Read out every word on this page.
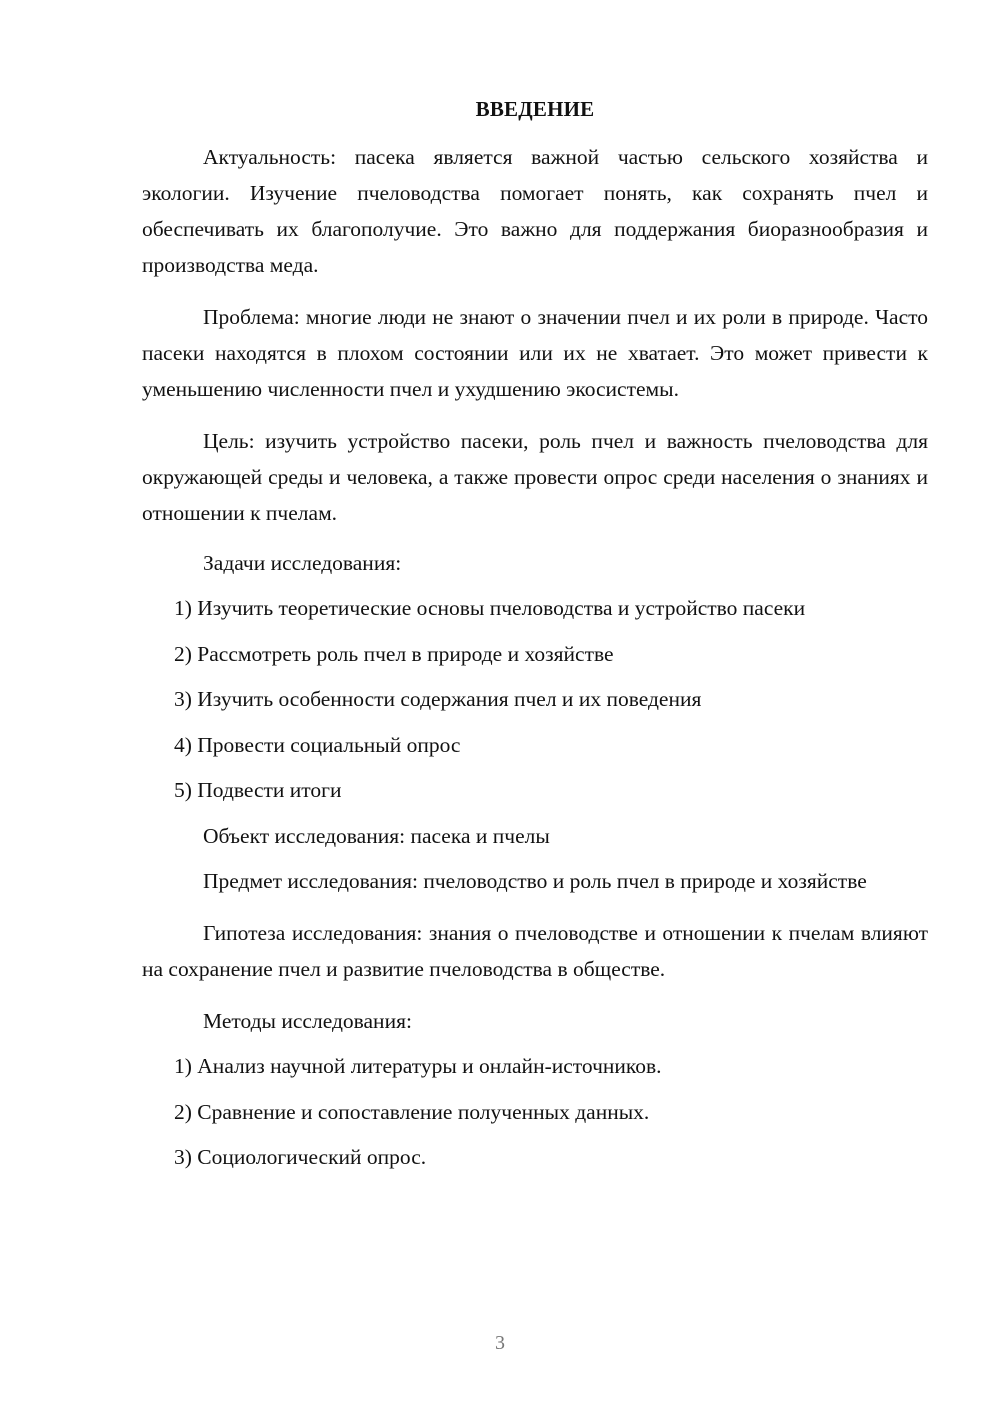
ВВЕДЕНИЕ

Актуальность: пасека является важной частью сельского хозяйства и экологии. Изучение пчеловодства помогает понять, как сохранять пчел и обеспечивать их благополучие. Это важно для поддержания биоразнообразия и производства меда.

Проблема: многие люди не знают о значении пчел и их роли в природе. Часто пасеки находятся в плохом состоянии или их не хватает. Это может привести к уменьшению численности пчел и ухудшению экосистемы.

Цель: изучить устройство пасеки, роль пчел и важность пчеловодства для окружающей среды и человека, а также провести опрос среди населения о знаниях и отношении к пчелам.

Задачи исследования:
1) Изучить теоретические основы пчеловодства и устройство пасеки
2) Рассмотреть роль пчел в природе и хозяйстве
3) Изучить особенности содержания пчел и их поведения
4) Провести социальный опрос
5) Подвести итоги
Объект исследования: пасека и пчелы

Предмет исследования: пчеловодство и роль пчел в природе и хозяйстве

Гипотеза исследования: знания о пчеловодстве и отношении к пчелам влияют на сохранение пчел и развитие пчеловодства в обществе.

Методы исследования:
1) Анализ научной литературы и онлайн-источников.
2) Сравнение и сопоставление полученных данных.
3) Социологический опрос.
3
